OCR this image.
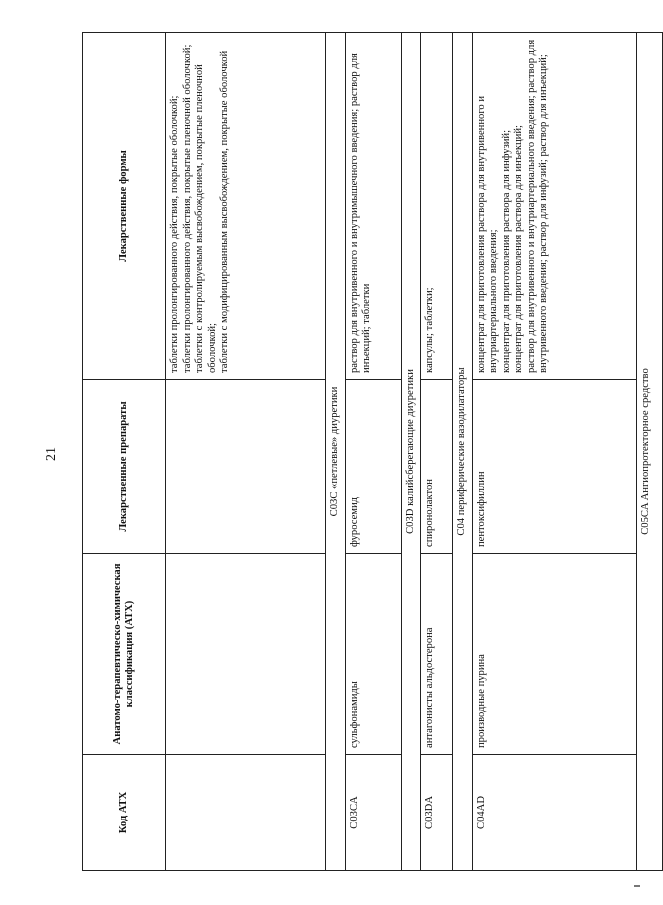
21
Код АТХ	Анатомо-терапевтическо-химическая классификация (АТХ)	Лекарственные препараты	Лекарственные формы

			таблетки пролонгированного действия, покрытые оболочкой; таблетки пролонгированного действия, покрытые пленочной оболочкой; таблетки с контролируемым высвобождением, покрытые пленочной оболочкой; таблетки с модифицированным высвобождением, покрытые оболочкой

C03C «петлевые» диуретики			
C03CA	сульфонамиды	фуросемид	раствор для внутривенного и внутримышечного введения; раствор для инъекций; таблетки
C03D калийсберегающие диуретики			
C03DA	антагонисты альдостерона	спиронолактон	капсулы; таблетки;
C04 периферические вазодилататоры			
C04AD	производные пурина	пентоксифиллин	концентрат для приготовления раствора для внутривенного и внутриартериального введения; концентрат для приготовления раствора для инфузий; концентрат для приготовления раствора для инъекций; раствор для внутривенного и внутриартериального введения; раствор для внутривенного введения; раствор для инфузий; раствор для инъекций;

C05CA Ангиопротекторное средство			
